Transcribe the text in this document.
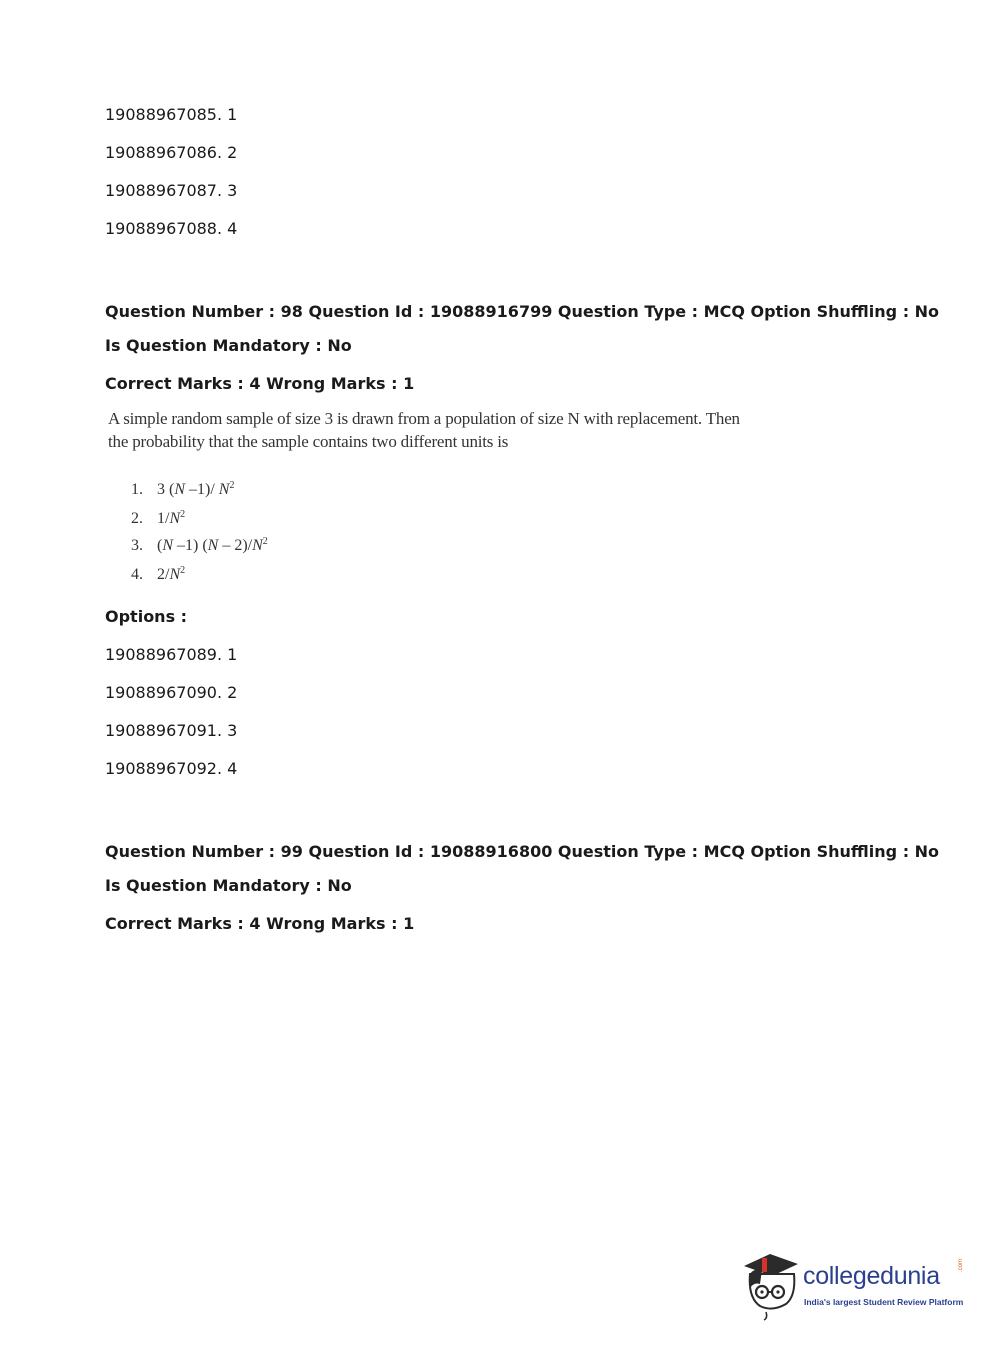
19088967085. 1
19088967086. 2
19088967087. 3
19088967088. 4
Question Number : 98 Question Id : 19088916799 Question Type : MCQ Option Shuffling : No
Is Question Mandatory : No
Correct Marks : 4 Wrong Marks : 1
A simple random sample of size 3 is drawn from a population of size N with replacement. Then
the probability that the sample contains two different units is
1. 3 (N –1)/ $N^2$
2. $1/N^2$
3. (N –1) $(N - 2)/N^2$
4. $2/N^2$
Options :
19088967089. 1
19088967090. 2
19088967091. 3
19088967092. 4
Question Number : 99 Question Id : 19088916800 Question Type : MCQ Option Shuffling : No
Is Question Mandatory : No
Correct Marks : 4 Wrong Marks : 1
collegedunia	.com
India's largest Student Review Platform
